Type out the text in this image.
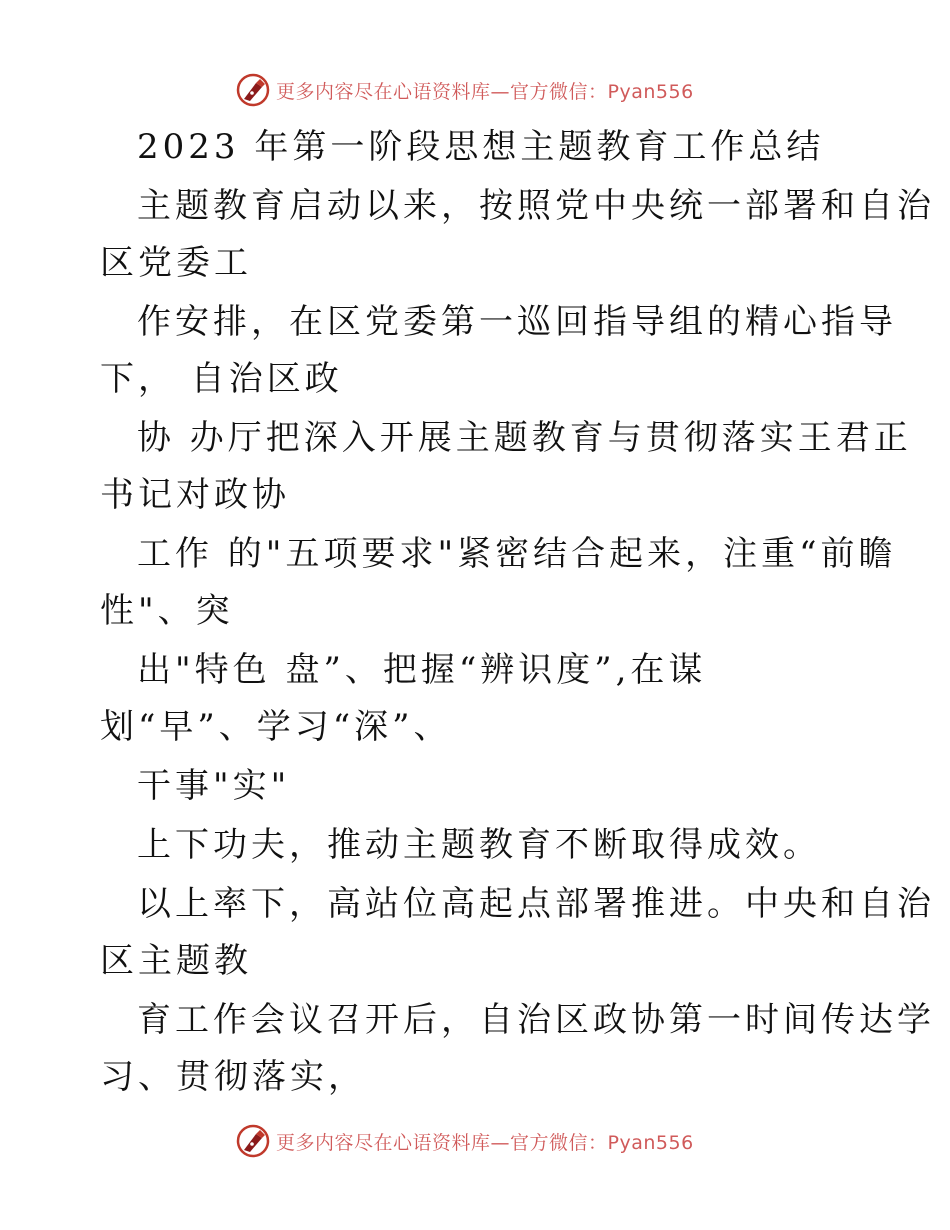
更多内容尽在心语资料库—官方微信：Pyan556
2023 年第一阶段思想主题教育工作总结
主题教育启动以来，按照党中央统一部署和自治
区党委工
作安排，在区党委第一巡回指导组的精心指导
下， 自治区政
协 办厅把深入开展主题教育与贯彻落实王君正
书记对政协
工作 的"五项要求"紧密结合起来，注重“前瞻
性"、突
出"特色 盘”、把握“辨识度”,在谋
划“早”、学习“深”、
干事"实"
上下功夫，推动主题教育不断取得成效。
以上率下，高站位高起点部署推进。中央和自治
区主题教
育工作会议召开后，自治区政协第一时间传达学
习、贯彻落实，
更多内容尽在心语资料库—官方微信：Pyan556
